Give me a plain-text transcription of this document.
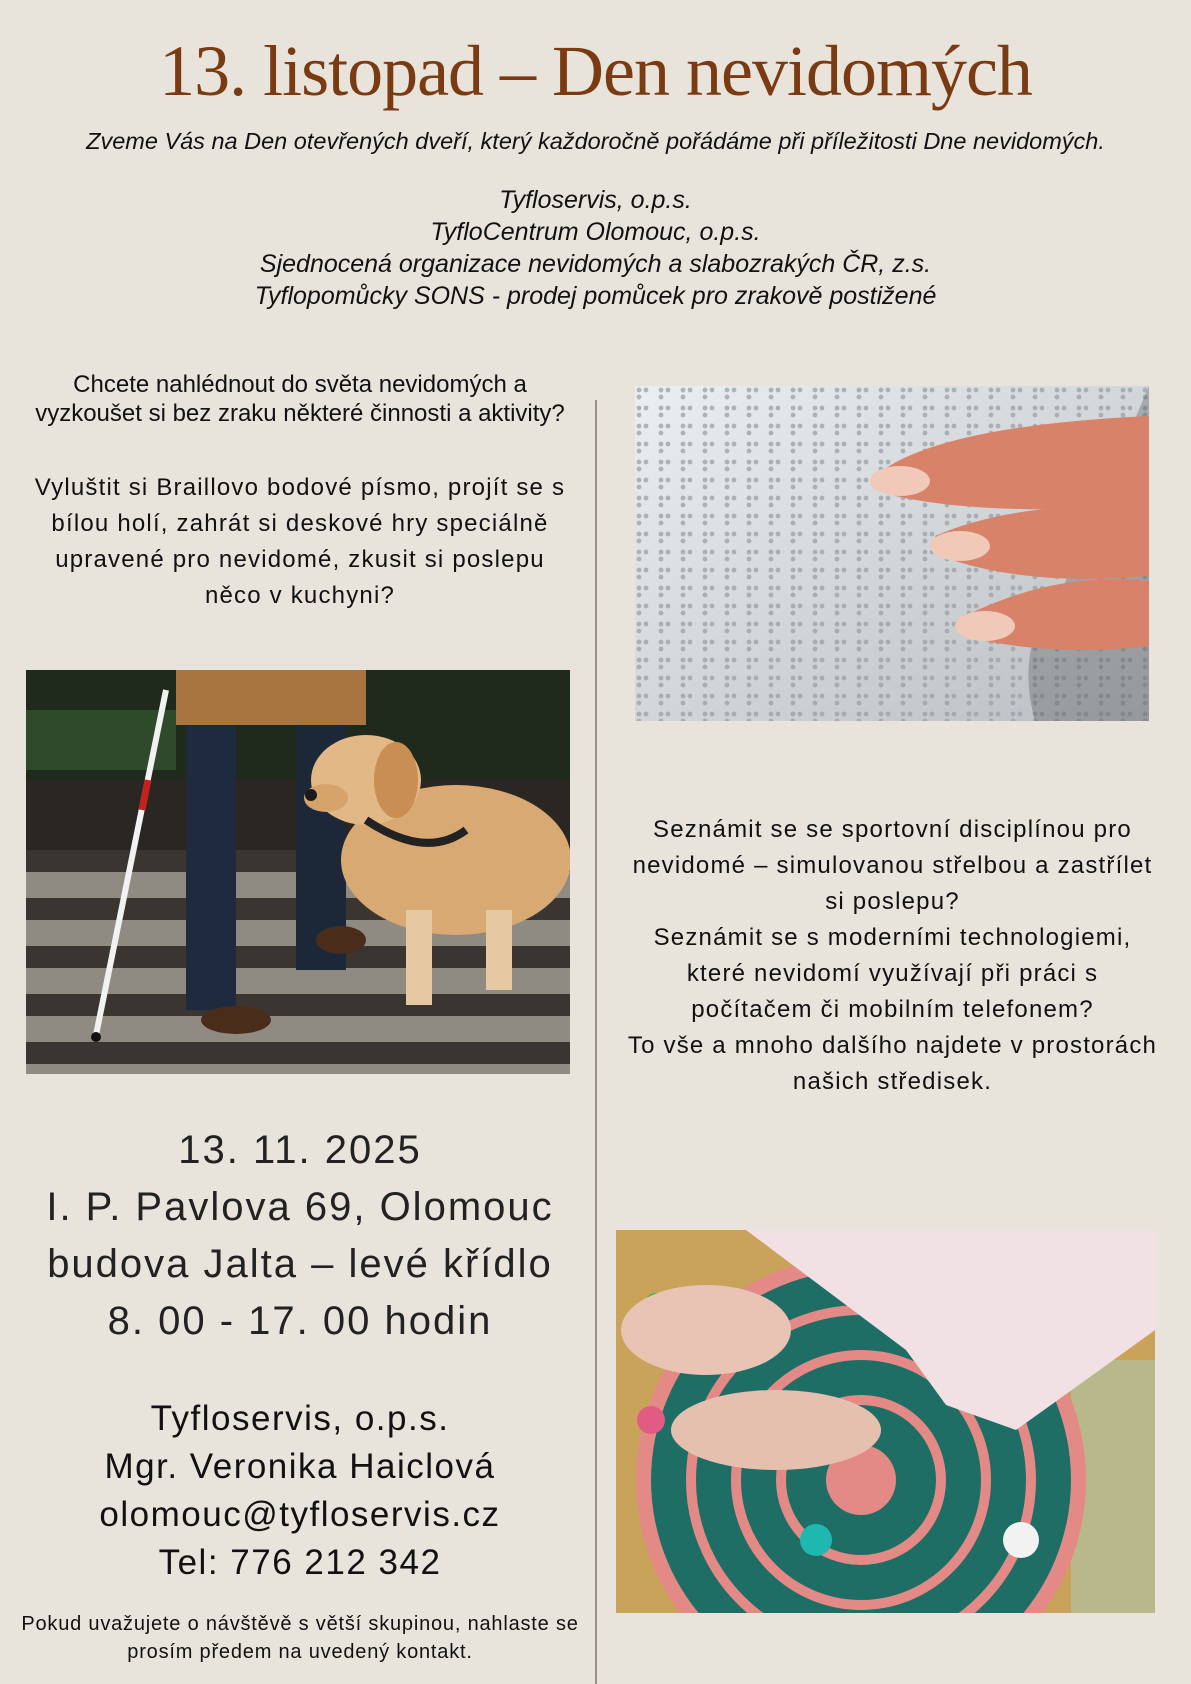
13. listopad – Den nevidomých
Zveme Vás na Den otevřených dveří, který každoročně pořádáme při příležitosti Dne nevidomých.
Tyfloservis, o.p.s.
TyfloCentrum Olomouc, o.p.s.
Sjednocená organizace nevidomých a slabozrakých ČR, z.s.
Tyflopomůcky SONS - prodej pomůcek pro zrakově postižené
Chcete nahlédnout do světa nevidomých a vyzkoušet si bez zraku některé činnosti a aktivity?
Vyluštit si Braillovo bodové písmo, projít se s bílou holí, zahrát si deskové hry speciálně upravené pro nevidomé, zkusit si poslepu něco v kuchyni?
Seznámit se se sportovní disciplínou pro nevidomé – simulovanou střelbou a zastřílet si poslepu?
Seznámit se s moderními technologiemi, které nevidomí využívají při práci s počítačem či mobilním telefonem?
To vše a mnoho dalšího najdete v prostorách našich středisek.
13. 11. 2025
I. P. Pavlova 69, Olomouc
budova Jalta – levé křídlo
8. 00 - 17. 00 hodin
Tyfloservis, o.p.s.
Mgr. Veronika Haiclová
olomouc@tyfloservis.cz
Tel: 776 212 342
Pokud uvažujete o návštěvě s větší skupinou, nahlaste se prosím předem na uvedený kontakt.
